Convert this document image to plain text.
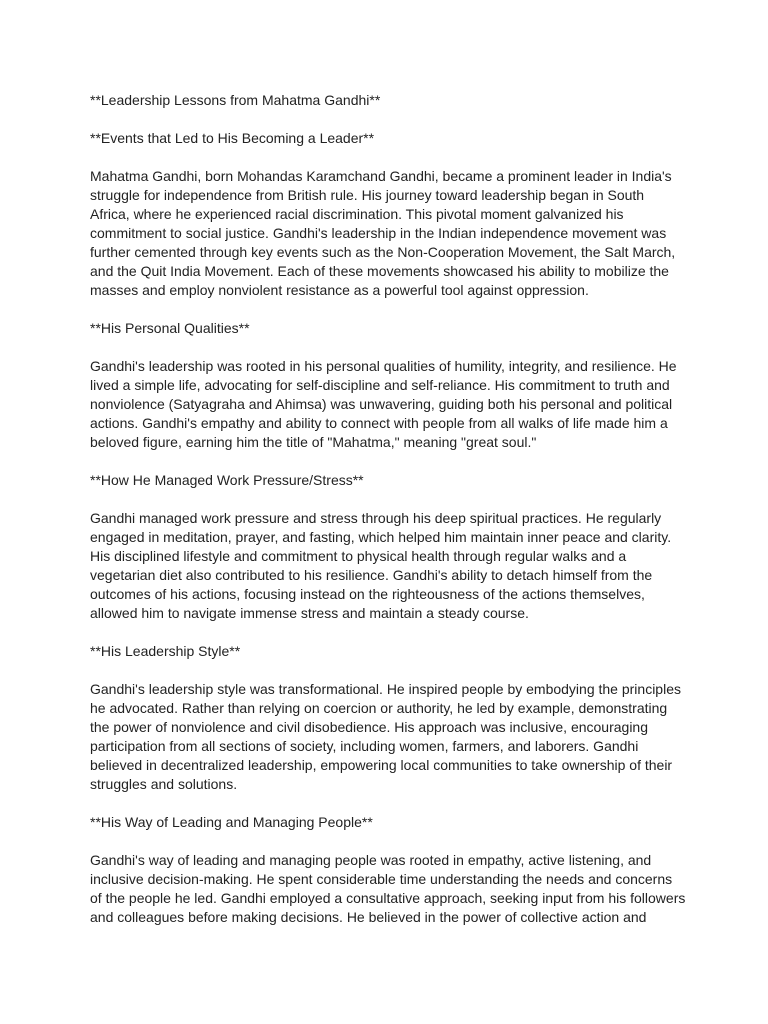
**Leadership Lessons from Mahatma Gandhi**

**Events that Led to His Becoming a Leader**

Mahatma Gandhi, born Mohandas Karamchand Gandhi, became a prominent leader in India's
struggle for independence from British rule. His journey toward leadership began in South
Africa, where he experienced racial discrimination. This pivotal moment galvanized his
commitment to social justice. Gandhi's leadership in the Indian independence movement was
further cemented through key events such as the Non-Cooperation Movement, the Salt March,
and the Quit India Movement. Each of these movements showcased his ability to mobilize the
masses and employ nonviolent resistance as a powerful tool against oppression.

**His Personal Qualities**

Gandhi's leadership was rooted in his personal qualities of humility, integrity, and resilience. He
lived a simple life, advocating for self-discipline and self-reliance. His commitment to truth and
nonviolence (Satyagraha and Ahimsa) was unwavering, guiding both his personal and political
actions. Gandhi's empathy and ability to connect with people from all walks of life made him a
beloved figure, earning him the title of "Mahatma," meaning "great soul."

**How He Managed Work Pressure/Stress**

Gandhi managed work pressure and stress through his deep spiritual practices. He regularly
engaged in meditation, prayer, and fasting, which helped him maintain inner peace and clarity.
His disciplined lifestyle and commitment to physical health through regular walks and a
vegetarian diet also contributed to his resilience. Gandhi's ability to detach himself from the
outcomes of his actions, focusing instead on the righteousness of the actions themselves,
allowed him to navigate immense stress and maintain a steady course.

**His Leadership Style**

Gandhi's leadership style was transformational. He inspired people by embodying the principles
he advocated. Rather than relying on coercion or authority, he led by example, demonstrating
the power of nonviolence and civil disobedience. His approach was inclusive, encouraging
participation from all sections of society, including women, farmers, and laborers. Gandhi
believed in decentralized leadership, empowering local communities to take ownership of their
struggles and solutions.

**His Way of Leading and Managing People**

Gandhi's way of leading and managing people was rooted in empathy, active listening, and
inclusive decision-making. He spent considerable time understanding the needs and concerns
of the people he led. Gandhi employed a consultative approach, seeking input from his followers
and colleagues before making decisions. He believed in the power of collective action and
